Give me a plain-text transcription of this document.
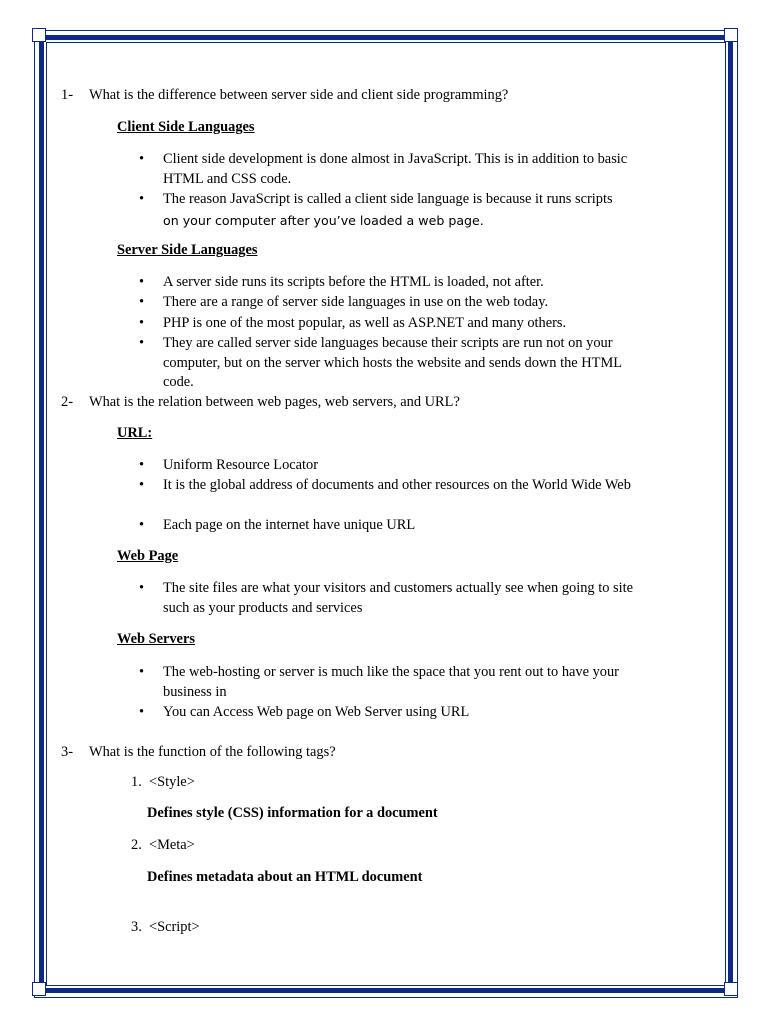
1- What is the difference between server side and client side programming?
Client Side Languages
• Client side development is done almost in JavaScript. This is in addition to basic HTML and CSS code.
• The reason JavaScript is called a client side language is because it runs scripts
on your computer after you’ve loaded a web page.
Server Side Languages
• A server side runs its scripts before the HTML is loaded, not after.
• There are a range of server side languages in use on the web today.
• PHP is one of the most popular, as well as ASP.NET and many others.
• They are called server side languages because their scripts are run not on your computer, but on the server which hosts the website and sends down the HTML code.
2- What is the relation between web pages, web servers, and URL?
URL:
• Uniform Resource Locator
• It is the global address of documents and other resources on the World Wide Web
• Each page on the internet have unique URL
Web Page
• The site files are what your visitors and customers actually see when going to site such as your products and services
Web Servers
• The web-hosting or server is much like the space that you rent out to have your business in
• You can Access Web page on Web Server using URL
3- What is the function of the following tags?
1. <Style>
Defines style (CSS) information for a document
2. <Meta>
Defines metadata about an HTML document
3. <Script>
